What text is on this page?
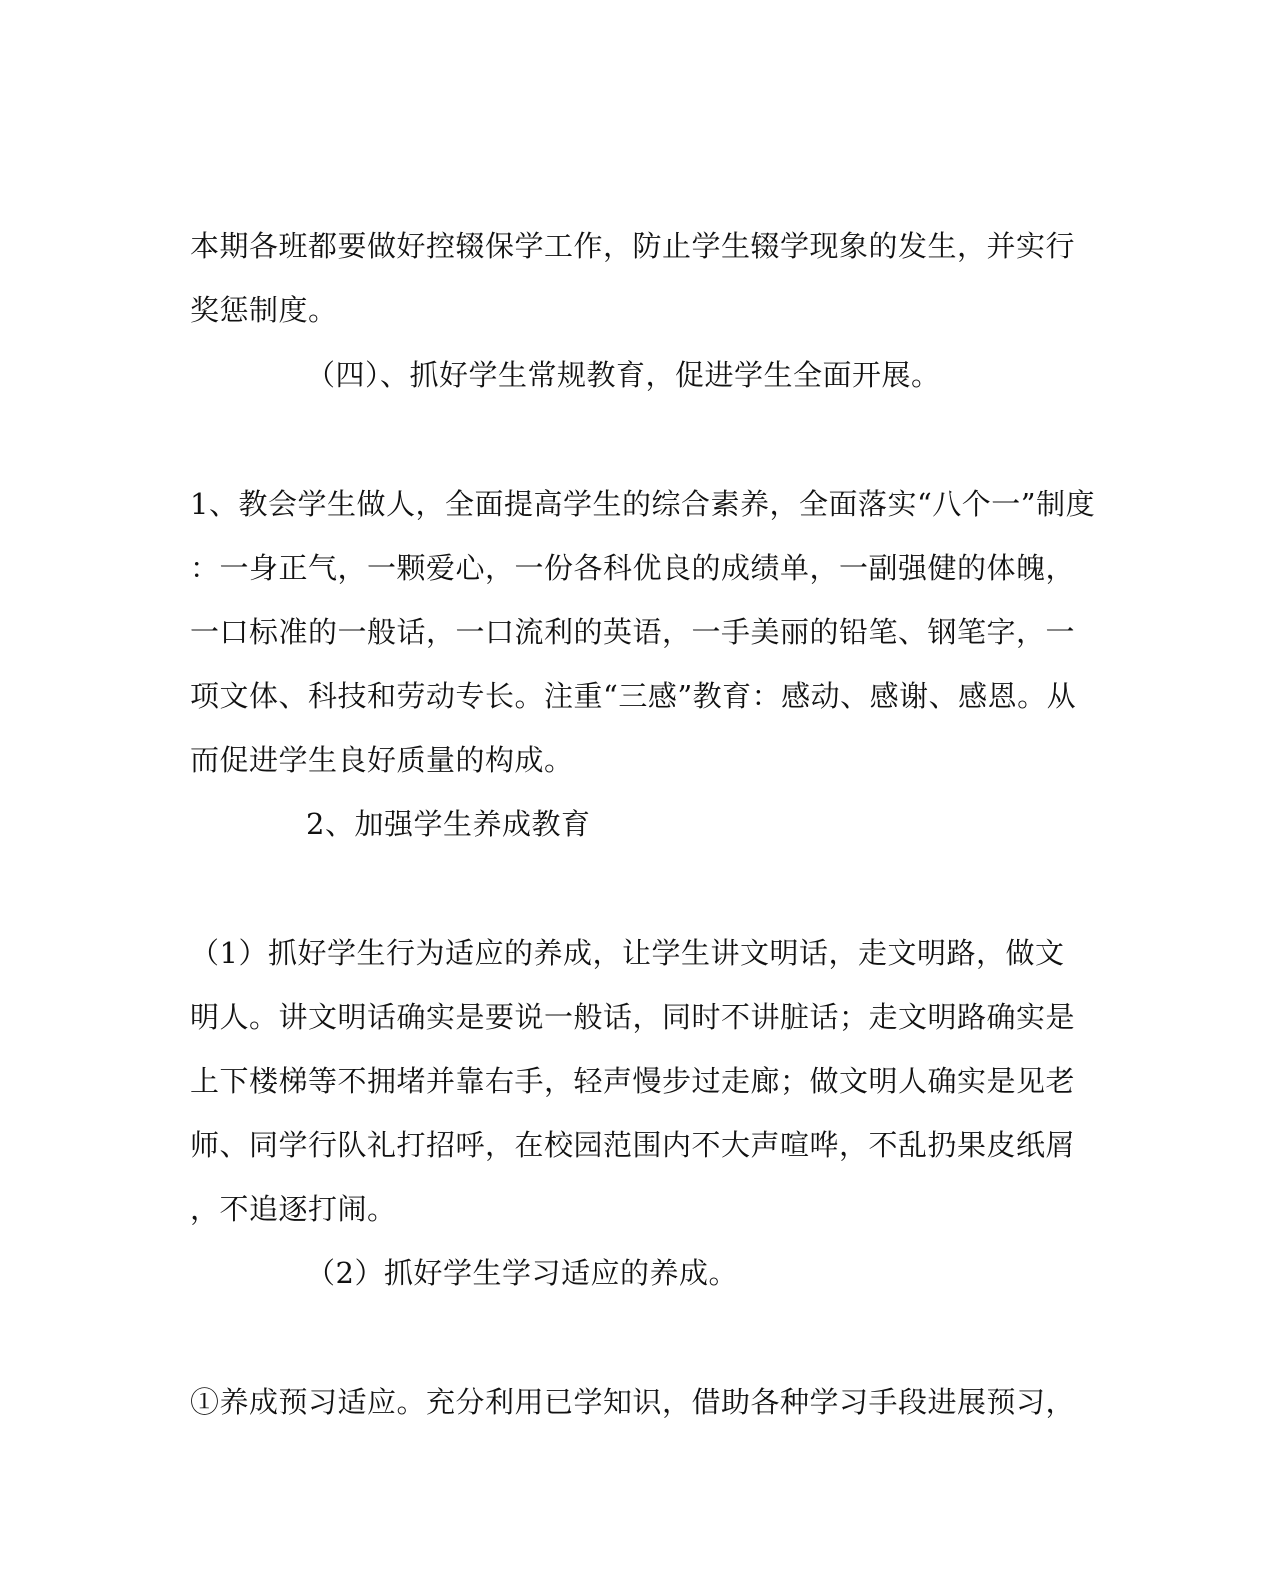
本期各班都要做好控辍保学工作，防止学生辍学现象的发生，并实行
奖惩制度。
（四）、抓好学生常规教育，促进学生全面开展。
1、教会学生做人，全面提高学生的综合素养，全面落实“八个一”制度
：一身正气，一颗爱心，一份各科优良的成绩单，一副强健的体魄，
一口标准的一般话，一口流利的英语，一手美丽的铅笔、钢笔字，一
项文体、科技和劳动专长。注重“三感”教育：感动、感谢、感恩。从
而促进学生良好质量的构成。
2、加强学生养成教育
（1）抓好学生行为适应的养成，让学生讲文明话，走文明路，做文
明人。讲文明话确实是要说一般话，同时不讲脏话；走文明路确实是
上下楼梯等不拥堵并靠右手，轻声慢步过走廊；做文明人确实是见老
师、同学行队礼打招呼，在校园范围内不大声喧哗，不乱扔果皮纸屑
，不追逐打闹。
（2）抓好学生学习适应的养成。
①养成预习适应。充分利用已学知识，借助各种学习手段进展预习，
